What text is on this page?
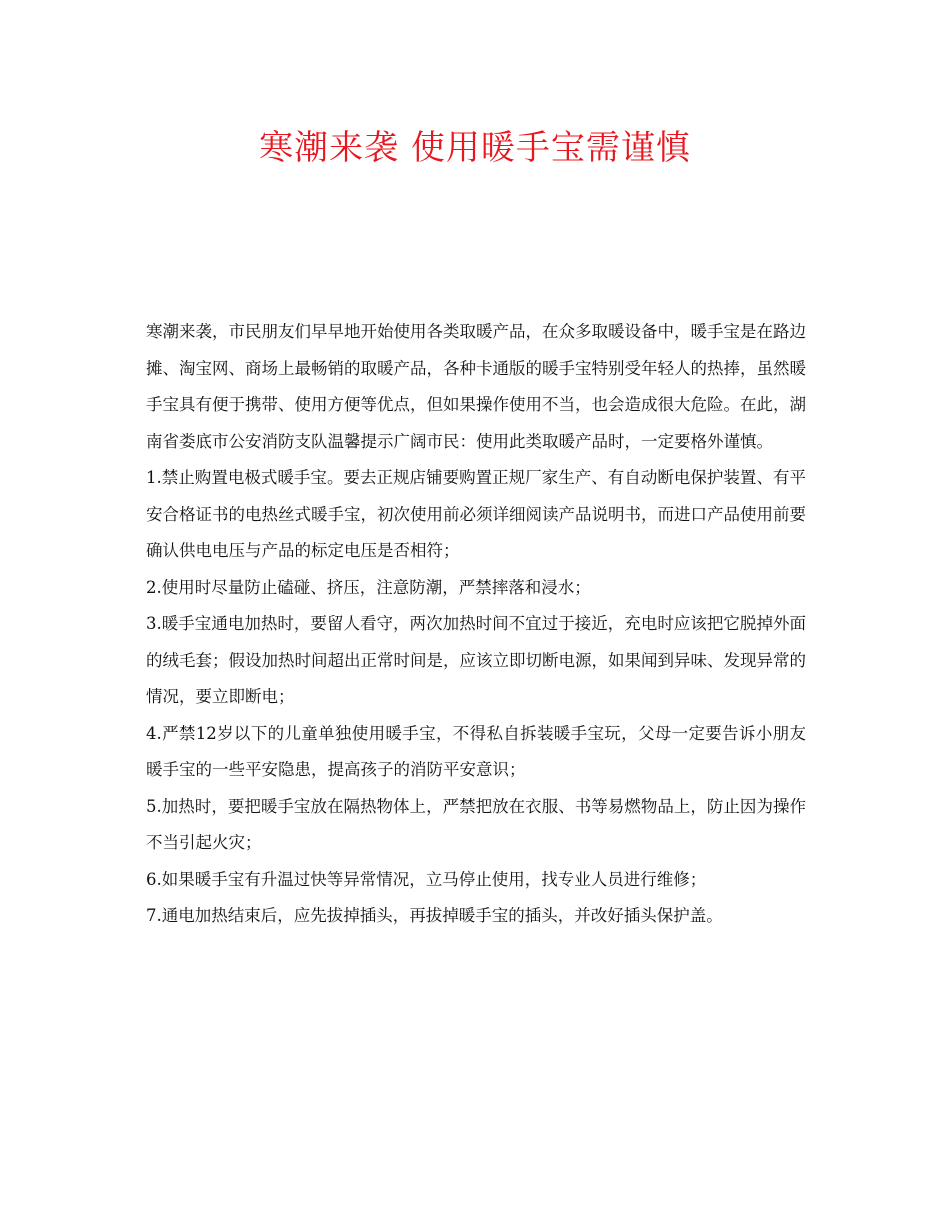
寒潮来袭 使用暖手宝需谨慎

寒潮来袭，市民朋友们早早地开始使用各类取暖产品，在众多取暖设备中，暖手宝是在路边摊、淘宝网、商场上最畅销的取暖产品，各种卡通版的暖手宝特别受年轻人的热捧，虽然暖手宝具有便于携带、使用方便等优点，但如果操作使用不当，也会造成很大危险。在此，湖南省娄底市公安消防支队温馨提示广阔市民：使用此类取暖产品时，一定要格外谨慎。

1.禁止购置电极式暖手宝。要去正规店铺要购置正规厂家生产、有自动断电保护装置、有平安合格证书的电热丝式暖手宝，初次使用前必须详细阅读产品说明书，而进口产品使用前要确认供电电压与产品的标定电压是否相符；

2.使用时尽量防止磕碰、挤压，注意防潮，严禁摔落和浸水；

3.暖手宝通电加热时，要留人看守，两次加热时间不宜过于接近，充电时应该把它脱掉外面的绒毛套；假设加热时间超出正常时间是，应该立即切断电源，如果闻到异味、发现异常的情况，要立即断电；

4.严禁12岁以下的儿童单独使用暖手宝，不得私自拆装暖手宝玩，父母一定要告诉小朋友暖手宝的一些平安隐患，提高孩子的消防平安意识；

5.加热时，要把暖手宝放在隔热物体上，严禁把放在衣服、书等易燃物品上，防止因为操作不当引起火灾；

6.如果暖手宝有升温过快等异常情况，立马停止使用，找专业人员进行维修；

7.通电加热结束后，应先拔掉插头，再拔掉暖手宝的插头，并改好插头保护盖。
